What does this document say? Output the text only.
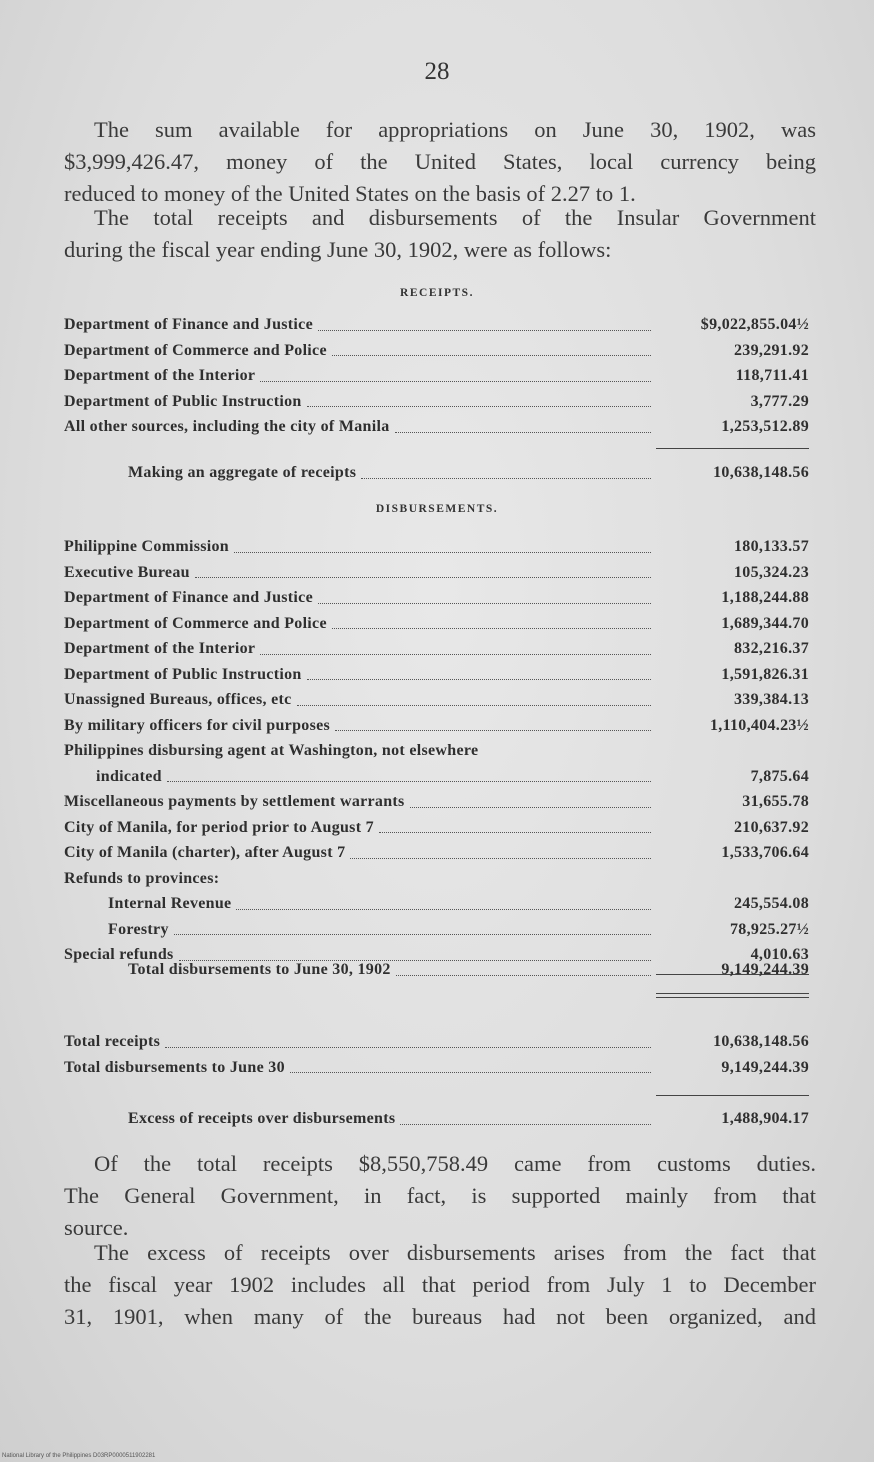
28
The sum available for appropriations on June 30, 1902, was
$3,999,426.47, money of the United States, local currency being
reduced to money of the United States on the basis of 2.27 to 1.
The total receipts and disbursements of the Insular Government
during the fiscal year ending June 30, 1902, were as follows:
RECEIPTS.
Department of Finance and Justice	$9,022,855.04½
Department of Commerce and Police	239,291.92
Department of the Interior	118,711.41
Department of Public Instruction	3,777.29
All other sources, including the city of Manila	1,253,512.89
Making an aggregate of receipts	10,638,148.56
DISBURSEMENTS.
Philippine Commission	180,133.57
Executive Bureau	105,324.23
Department of Finance and Justice	1,188,244.88
Department of Commerce and Police	1,689,344.70
Department of the Interior	832,216.37
Department of Public Instruction	1,591,826.31
Unassigned Bureaus, offices, etc	339,384.13
By military officers for civil purposes	1,110,404.23½
Philippines disbursing agent at Washington, not elsewhere
indicated	7,875.64
Miscellaneous payments by settlement warrants	31,655.78
City of Manila, for period prior to August 7	210,637.92
City of Manila (charter), after August 7	1,533,706.64
Refunds to provinces:
Internal Revenue	245,554.08
Forestry	78,925.27½
Special refunds	4,010.63
Total disbursements to June 30, 1902	9,149,244.39
Total receipts	10,638,148.56
Total disbursements to June 30	9,149,244.39
Excess of receipts over disbursements	1,488,904.17
Of the total receipts $8,550,758.49 came from customs duties.
The General Government, in fact, is supported mainly from that
source.
The excess of receipts over disbursements arises from the fact that
the fiscal year 1902 includes all that period from July 1 to December
31, 1901, when many of the bureaus had not been organized, and
National Library of the Philippines D03RP0000511902281
